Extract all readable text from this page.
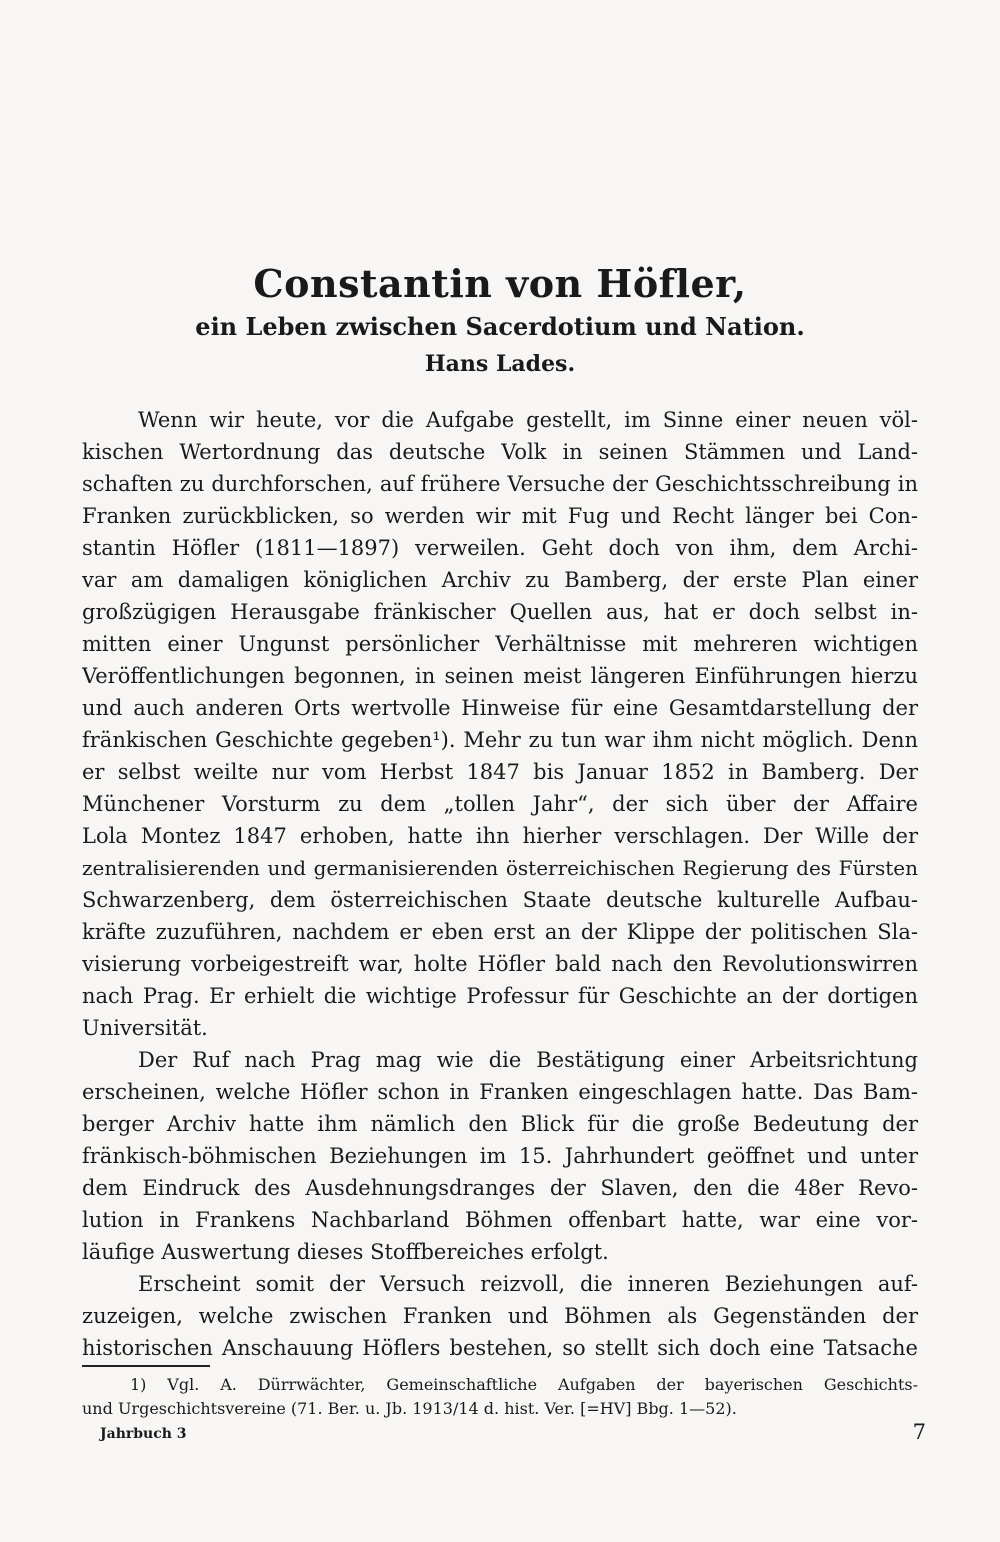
Constantin von Höfler,
ein Leben zwischen Sacerdotium und Nation.
Hans Lades.
Wenn wir heute, vor die Aufgabe gestellt, im Sinne einer neuen völ-
kischen Wertordnung das deutsche Volk in seinen Stämmen und Land-
schaften zu durchforschen, auf frühere Versuche der Geschichtsschreibung in
Franken zurückblicken, so werden wir mit Fug und Recht länger bei Con-
stantin Höfler (1811—1897) verweilen. Geht doch von ihm, dem Archi-
var am damaligen königlichen Archiv zu Bamberg, der erste Plan einer
großzügigen Herausgabe fränkischer Quellen aus, hat er doch selbst in-
mitten einer Ungunst persönlicher Verhältnisse mit mehreren wichtigen
Veröffentlichungen begonnen, in seinen meist längeren Einführungen hierzu
und auch anderen Orts wertvolle Hinweise für eine Gesamtdarstellung der
fränkischen Geschichte gegeben¹). Mehr zu tun war ihm nicht möglich. Denn
er selbst weilte nur vom Herbst 1847 bis Januar 1852 in Bamberg. Der
Münchener Vorsturm zu dem „tollen Jahr“, der sich über der Affaire
Lola Montez 1847 erhoben, hatte ihn hierher verschlagen. Der Wille der
zentralisierenden und germanisierenden österreichischen Regierung des Fürsten
Schwarzenberg, dem österreichischen Staate deutsche kulturelle Aufbau-
kräfte zuzuführen, nachdem er eben erst an der Klippe der politischen Sla-
visierung vorbeigestreift war, holte Höfler bald nach den Revolutionswirren
nach Prag. Er erhielt die wichtige Professur für Geschichte an der dortigen
Universität.
Der Ruf nach Prag mag wie die Bestätigung einer Arbeitsrichtung
erscheinen, welche Höfler schon in Franken eingeschlagen hatte. Das Bam-
berger Archiv hatte ihm nämlich den Blick für die große Bedeutung der
fränkisch-böhmischen Beziehungen im 15. Jahrhundert geöffnet und unter
dem Eindruck des Ausdehnungsdranges der Slaven, den die 48er Revo-
lution in Frankens Nachbarland Böhmen offenbart hatte, war eine vor-
läufige Auswertung dieses Stoffbereiches erfolgt.
Erscheint somit der Versuch reizvoll, die inneren Beziehungen auf-
zuzeigen, welche zwischen Franken und Böhmen als Gegenständen der
historischen Anschauung Höflers bestehen, so stellt sich doch eine Tatsache
1) Vgl. A. Dürrwächter, Gemeinschaftliche Aufgaben der bayerischen Geschichts-
und Urgeschichtsvereine (71. Ber. u. Jb. 1913/14 d. hist. Ver. [=HV] Bbg. 1—52).
Jahrbuch 3	7
